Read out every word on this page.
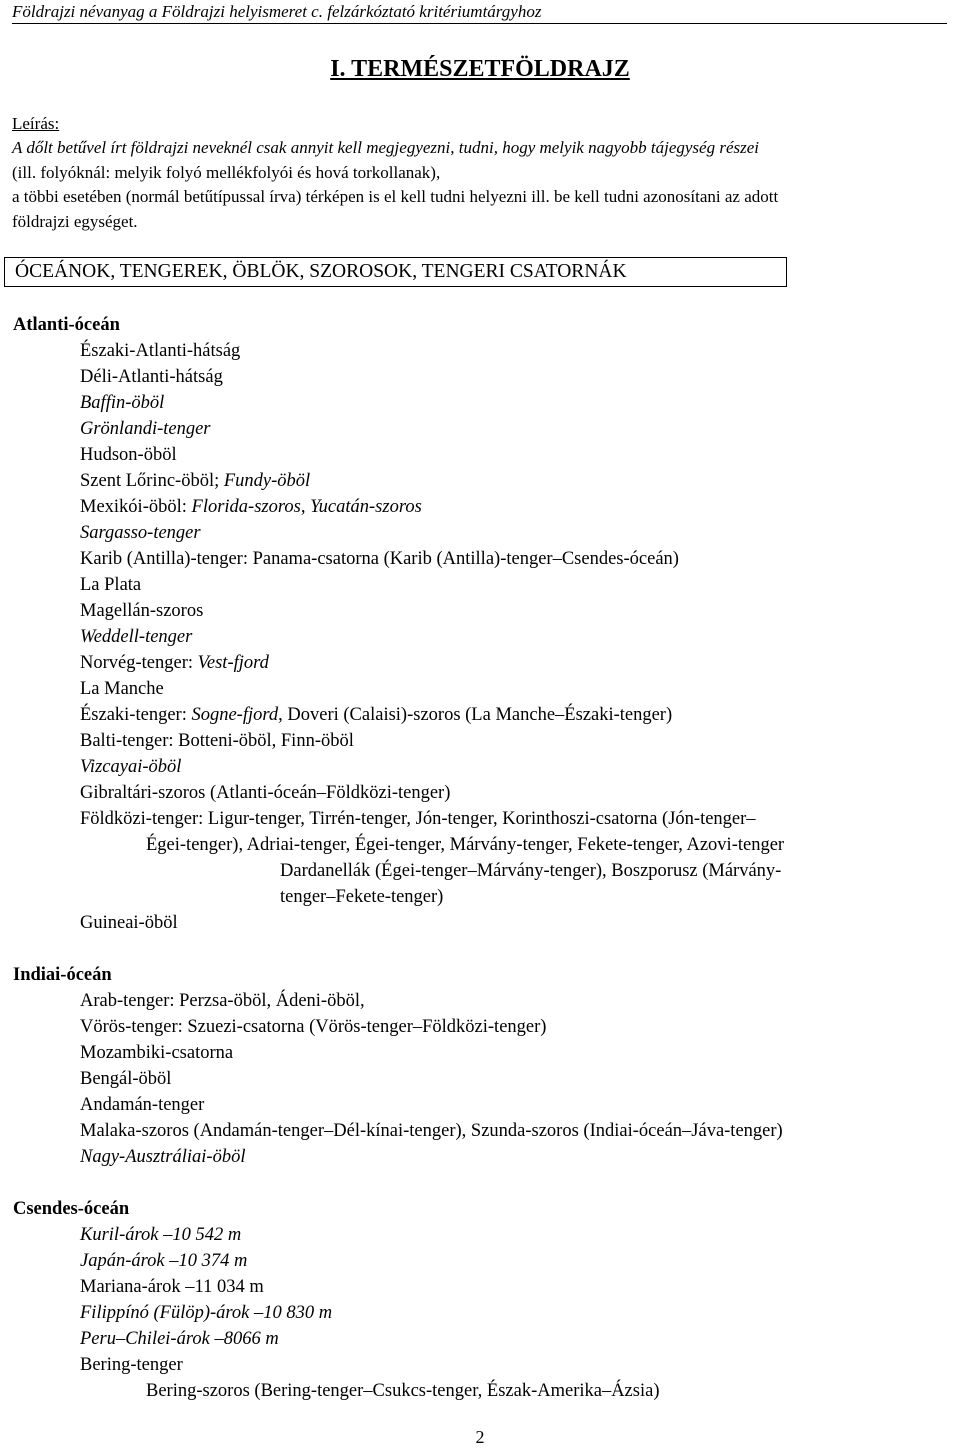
Földrajzi névanyag a Földrajzi helyismeret c. felzárkóztató kritériumtárgyhoz
I. TERMÉSZETFÖLDRAJZ

Leírás:

A dőlt betűvel írt földrajzi neveknél csak annyit kell megjegyezni, tudni, hogy melyik nagyobb tájegység részei

(ill. folyóknál: melyik folyó mellékfolyói és hová torkollanak),

a többi esetében (normál betűtípussal írva) térképen is el kell tudni helyezni ill. be kell tudni azonosítani az adott

földrajzi egységet.

ÓCEÁNOK, TENGEREK, ÖBLÖK, SZOROSOK, TENGERI CSATORNÁK
Atlanti-óceán
Északi-Atlanti-hátság
Déli-Atlanti-hátság
Baffin-öböl
Grönlandi-tenger
Hudson-öböl
Szent Lőrinc-öböl; Fundy-öböl
Mexikói-öböl: Florida-szoros, Yucatán-szoros
Sargasso-tenger
Karib (Antilla)-tenger: Panama-csatorna (Karib (Antilla)-tenger–Csendes-óceán)
La Plata
Magellán-szoros
Weddell-tenger
Norvég-tenger: Vest-fjord
La Manche
Északi-tenger: Sogne-fjord, Doveri (Calaisi)-szoros (La Manche–Északi-tenger)
Balti-tenger: Botteni-öböl, Finn-öböl
Vizcayai-öböl
Gibraltári-szoros (Atlanti-óceán–Földközi-tenger)
Földközi-tenger: Ligur-tenger, Tirrén-tenger, Jón-tenger, Korinthoszi-csatorna (Jón-tenger–
Égei-tenger), Adriai-tenger, Égei-tenger, Márvány-tenger, Fekete-tenger, Azovi-tenger
Dardanellák (Égei-tenger–Márvány-tenger), Boszporusz (Márvány-
tenger–Fekete-tenger)
Guineai-öböl
Indiai-óceán
Arab-tenger: Perzsa-öböl, Ádeni-öböl,
Vörös-tenger: Szuezi-csatorna (Vörös-tenger–Földközi-tenger)
Mozambiki-csatorna
Bengál-öböl
Andamán-tenger
Malaka-szoros (Andamán-tenger–Dél-kínai-tenger), Szunda-szoros (Indiai-óceán–Jáva-tenger)
Nagy-Ausztráliai-öböl
Csendes-óceán
Kuril-árok –10 542 m
Japán-árok –10 374 m
Mariana-árok –11 034 m
Filippínó (Fülöp)-árok –10 830 m
Peru–Chilei-árok –8066 m
Bering-tenger
Bering-szoros (Bering-tenger–Csukcs-tenger, Észak-Amerika–Ázsia)
2
